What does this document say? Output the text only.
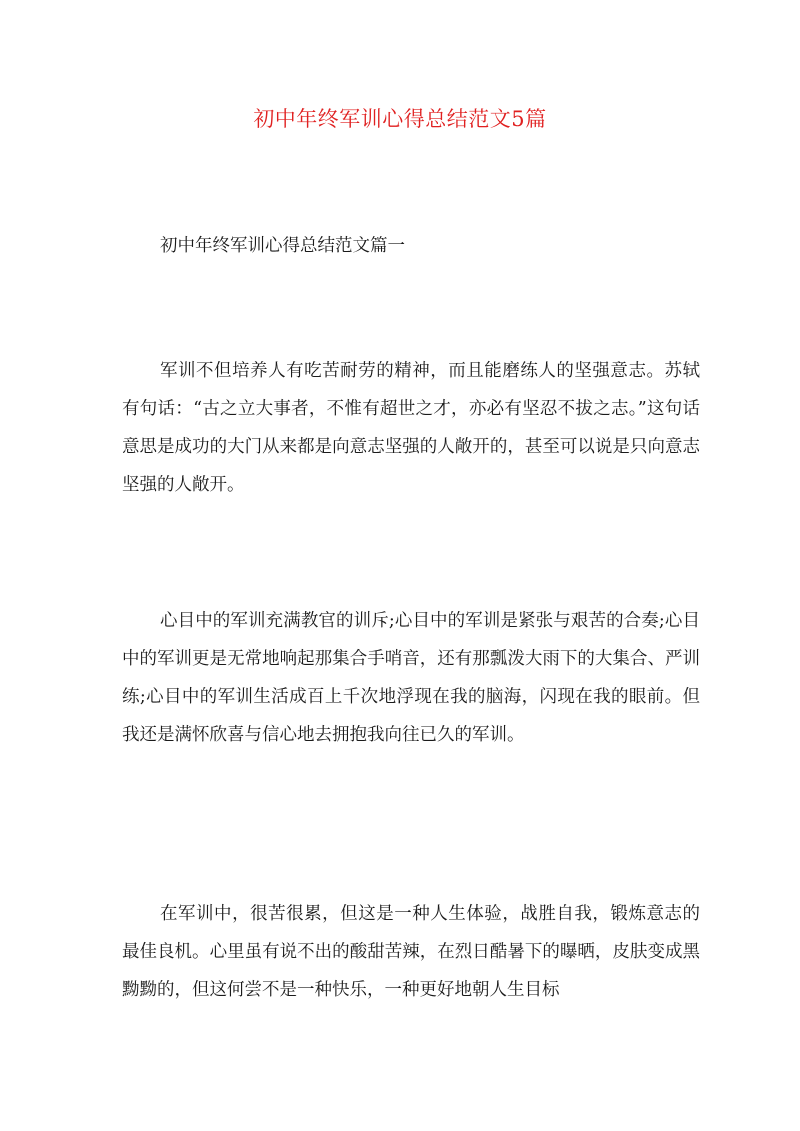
初中年终军训心得总结范文5篇
初中年终军训心得总结范文篇一

军训不但培养人有吃苦耐劳的精神，而且能磨练人的坚强意志。苏轼有句话：“古之立大事者，不惟有超世之才，亦必有坚忍不拔之志。”这句话意思是成功的大门从来都是向意志坚强的人敞开的，甚至可以说是只向意志坚强的人敞开。

心目中的军训充满教官的训斥;心目中的军训是紧张与艰苦的合奏;心目中的军训更是无常地响起那集合手哨音，还有那瓢泼大雨下的大集合、严训练;心目中的军训生活成百上千次地浮现在我的脑海，闪现在我的眼前。但我还是满怀欣喜与信心地去拥抱我向往已久的军训。

在军训中，很苦很累，但这是一种人生体验，战胜自我，锻炼意志的最佳良机。心里虽有说不出的酸甜苦辣，在烈日酷暑下的曝晒，皮肤变成黑黝黝的，但这何尝不是一种快乐，一种更好地朝人生目标
